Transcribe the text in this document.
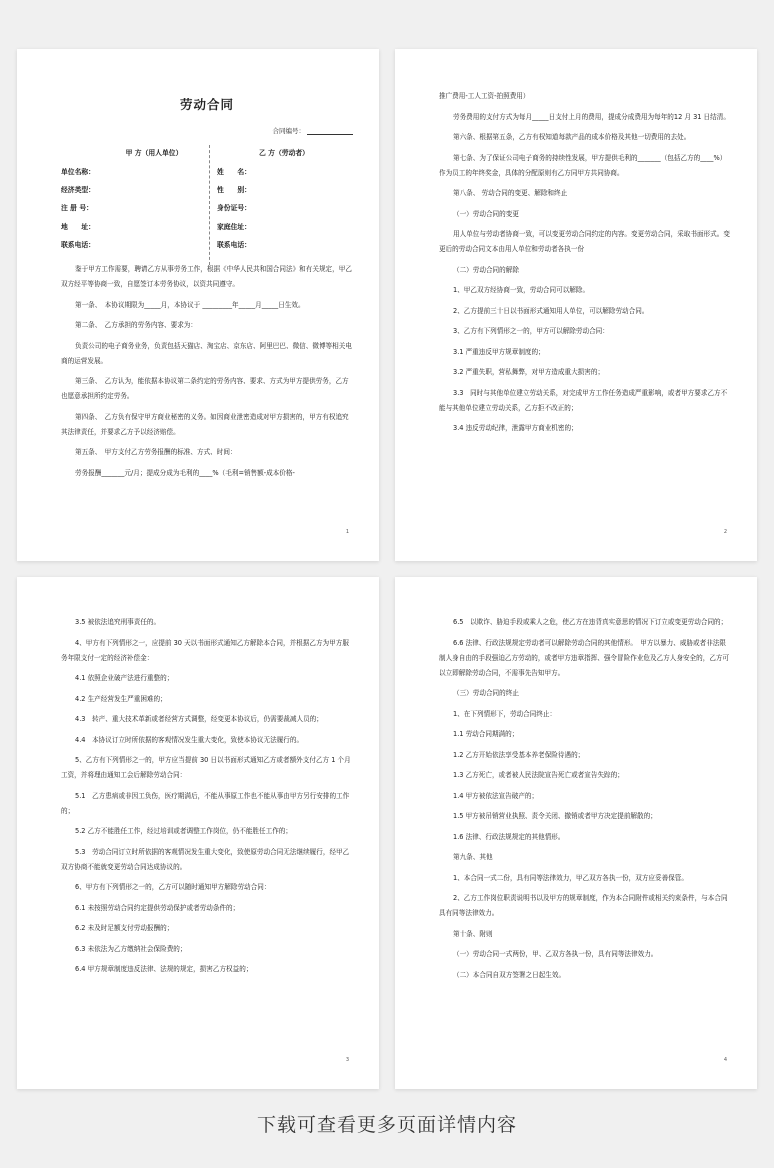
劳动合同
合同编号：
甲 方（用人单位）
单位名称：
经济类型：
注 册 号：
地　　址：
联系电话：
乙 方（劳动者）
姓　　名：
性　　别：
身份证号：
家庭住址：
联系电话：

鉴于甲方工作需要，聘请乙方从事劳务工作，根据《中华人民共和国合同法》和有关规定，甲乙双方经平等协商一致，自愿签订本劳务协议，以资共同遵守。

第一条、　本协议期限为_____月，本协议于 _________年_____月_____日生效。

第二条、　乙方承担的劳务内容、要求为：

负责公司的电子商务业务，负责包括天猫店、淘宝店、京东店、阿里巴巴、微信、微博等相关电商的运营发展。

第三条、　乙方认为，能依据本协议第二条约定的劳务内容、要求、方式为甲方提供劳务，乙方也愿意承担所约定劳务。

第四条、　乙方负有保守甲方商业秘密的义务。如因商业泄密造成对甲方损害的，甲方有权追究其法律责任，并要求乙方予以经济赔偿。

第五条、　甲方支付乙方劳务报酬的标准、方式、时间：

劳务报酬_______元/月；提成分成为毛利的____%（毛利=销售额-成本价格-

1

推广费用-工人工资-拍照费用）

劳务费用的支付方式为每月_____日支付上月的费用，提成分成费用为每年的12 月 31 日结清。

第六条、根据第五条，乙方有权知道每款产品的成本价格及其他一切费用的去处。

第七条、为了保证公司电子商务的持续性发展，甲方提供毛利的_______（包括乙方的____%）作为员工的年终奖金，具体的分配原则有乙方同甲方共同协商。

第八条、 劳动合同的变更、解除和终止

（一）劳动合同的变更

用人单位与劳动者协商一致，可以变更劳动合同约定的内容。变更劳动合同，采取书面形式。变更后的劳动合同文本由用人单位和劳动者各执一份

（二）劳动合同的解除

1、甲乙双方经协商一致，劳动合同可以解除。

2、乙方提前三十日以书面形式通知用人单位，可以解除劳动合同。

3、乙方有下列情形之一的，甲方可以解除劳动合同：

3.1 严重违反甲方规章制度的；

3.2 严重失职，营私舞弊，对甲方造成重大损害的；

3.3　同时与其他单位建立劳动关系，对完成甲方工作任务造成严重影响，或者甲方要求乙方不能与其他单位建立劳动关系，乙方拒不改正的；

3.4 违反劳动纪律，泄露甲方商业机密的；

2

3.5 被依法追究刑事责任的。

4、甲方有下列情形之一，应提前 30 天以书面形式通知乙方解除本合同，并根据乙方为甲方服务年限支付一定的经济补偿金：

4.1 依照企业破产法进行重整的；

4.2 生产经营发生严重困难的；

4.3　转产、重大技术革新或者经营方式调整，经变更本协议后，仍需要裁减人员的；

4.4　本协议订立时所依据的客观情况发生重大变化，致使本协议无法履行的。

5、乙方有下列情形之一的，甲方应当提前 30 日以书面形式通知乙方或者额外支付乙方 1 个月工资，并将理由通知工会后解除劳动合同：

5.1　乙方患病或非因工负伤，医疗期满后，不能从事原工作也不能从事由甲方另行安排的工作的；

5.2 乙方不能胜任工作，经过培训或者调整工作岗位，仍不能胜任工作的；

5.3　劳动合同订立时所依据的客观情况发生重大变化，致使原劳动合同无法继续履行，经甲乙双方协商不能就变更劳动合同达成协议的。

6、甲方有下列情形之一的，乙方可以随时通知甲方解除劳动合同：

6.1 未按照劳动合同约定提供劳动保护或者劳动条件的；

6.2 未及时足额支付劳动报酬的；

6.3 未依法为乙方缴纳社会保险费的；

6.4 甲方规章制度违反法律、法规的规定，损害乙方权益的；

3

6.5　以欺诈、胁迫手段或乘人之危，使乙方在违背真实意思的情况下订立或变更劳动合同的；

6.6 法律、行政法规规定劳动者可以解除劳动合同的其他情形。　甲方以暴力、威胁或者非法限制人身自由的手段强迫乙方劳动的，或者甲方违章指挥、强令冒险作业危及乙方人身安全的，乙方可以立即解除劳动合同，不需事先告知甲方。

（三）劳动合同的终止

1、在下列情形下，劳动合同终止：

1.1 劳动合同期满的；

1.2 乙方开始依法享受基本养老保险待遇的；

1.3 乙方死亡，或者被人民法院宣告死亡或者宣告失踪的；

1.4 甲方被依法宣告破产的；

1.5 甲方被吊销营业执照、责令关闭、撤销或者甲方决定提前解散的；

1.6 法律、行政法规规定的其他情形。

第九条、其他

1、本合同一式二份，具有同等法律效力，甲乙双方各执一份，双方应妥善保管。

2、乙方工作岗位职责说明书以及甲方的规章制度，作为本合同附件或相关约束条件，与本合同具有同等法律效力。

第十条、附则

（一）劳动合同一式两份，甲、乙双方各执一份，具有同等法律效力。

（二）本合同自双方签署之日起生效。

4
下载可查看更多页面详情内容
